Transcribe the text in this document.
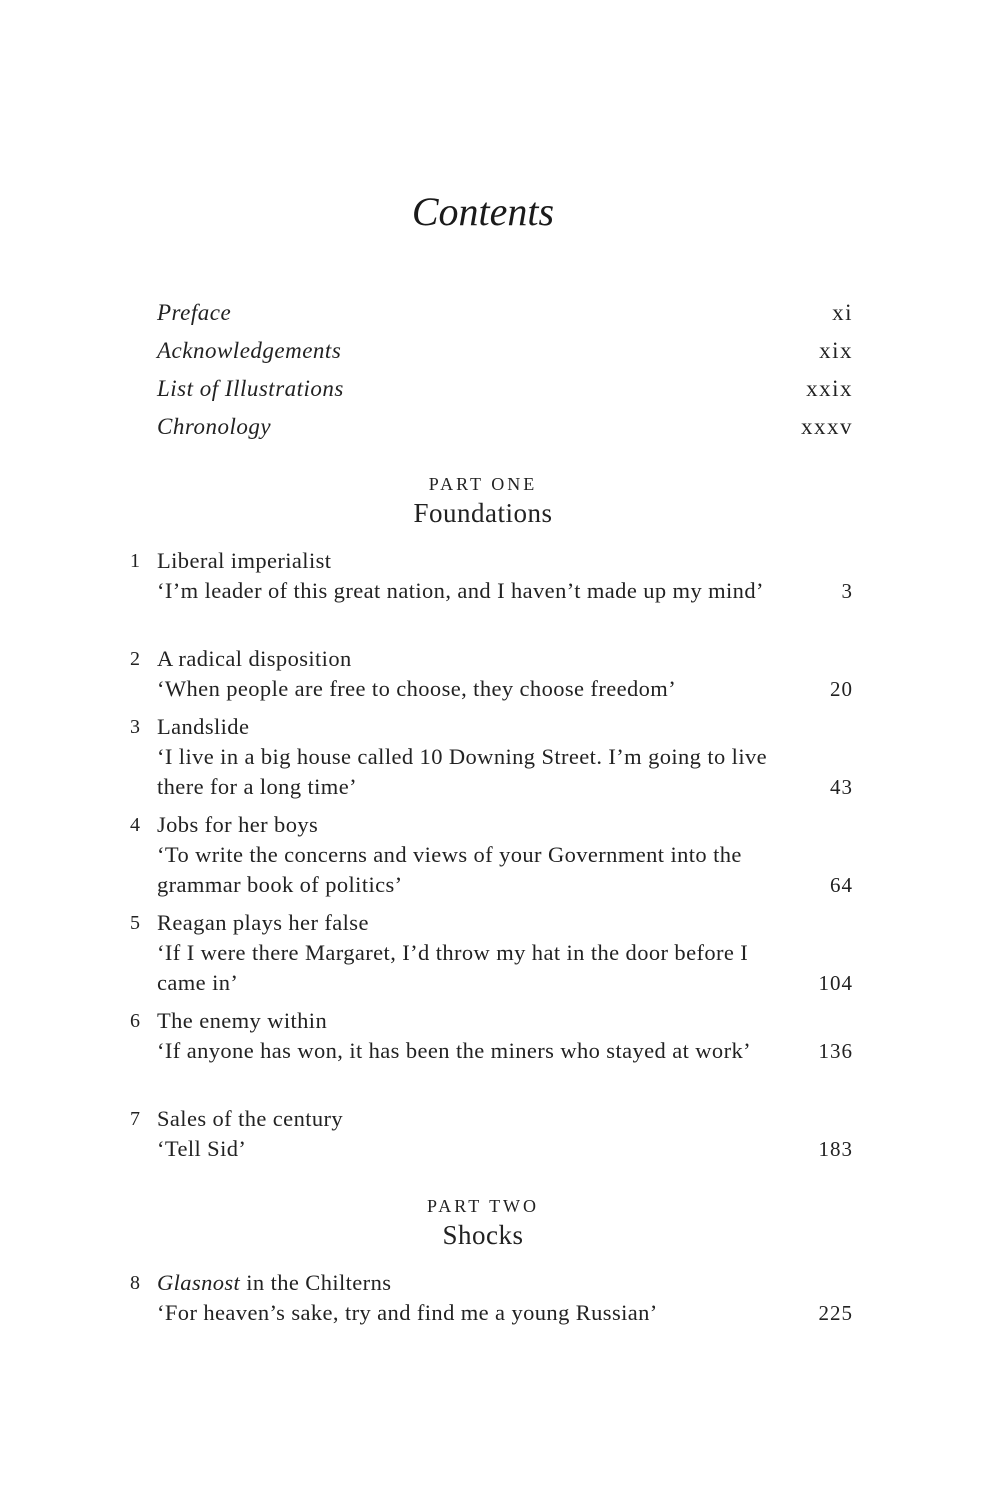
Contents
Preface	xi
Acknowledgements	xix
List of Illustrations	xxix
Chronology	xxxv
PART ONE
Foundations
1 Liberal imperialist
‘I’m leader of this great nation, and I haven’t made up my mind’	3
2 A radical disposition
‘When people are free to choose, they choose freedom’	20
3 Landslide
‘I live in a big house called 10 Downing Street. I’m going to live there for a long time’	43
4 Jobs for her boys
‘To write the concerns and views of your Government into the grammar book of politics’	64
5 Reagan plays her false
‘If I were there Margaret, I’d throw my hat in the door before I came in’	104
6 The enemy within
‘If anyone has won, it has been the miners who stayed at work’	136
7 Sales of the century
‘Tell Sid’	183
PART TWO
Shocks
8 Glasnost in the Chilterns
‘For heaven’s sake, try and find me a young Russian’	225
